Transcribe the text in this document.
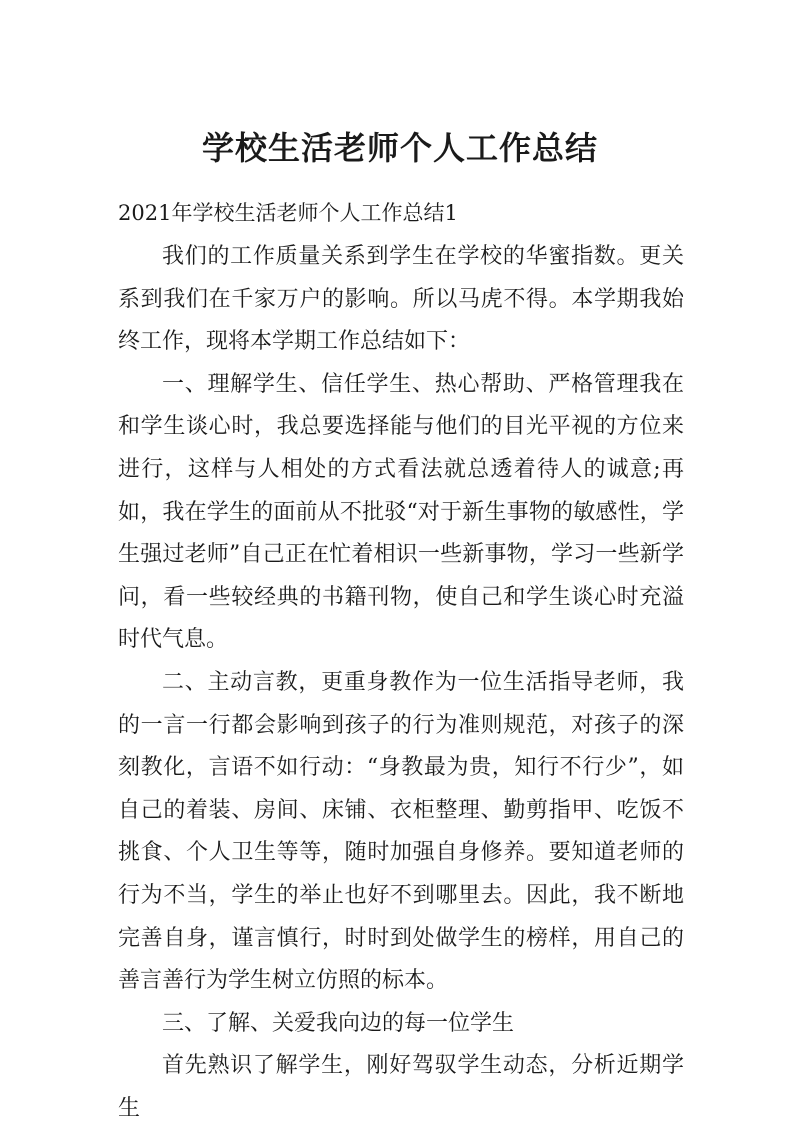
学校生活老师个人工作总结

2021年学校生活老师个人工作总结1

我们的工作质量关系到学生在学校的华蜜指数。更关系到我们在千家万户的影响。所以马虎不得。本学期我始终工作，现将本学期工作总结如下：

一、理解学生、信任学生、热心帮助、严格管理我在和学生谈心时，我总要选择能与他们的目光平视的方位来进行，这样与人相处的方式看法就总透着待人的诚意;再如，我在学生的面前从不批驳“对于新生事物的敏感性，学生强过老师”自己正在忙着相识一些新事物，学习一些新学问，看一些较经典的书籍刊物，使自己和学生谈心时充溢时代气息。

二、主动言教，更重身教作为一位生活指导老师，我的一言一行都会影响到孩子的行为准则规范，对孩子的深刻教化，言语不如行动：“身教最为贵，知行不行少”，如自己的着装、房间、床铺、衣柜整理、勤剪指甲、吃饭不挑食、个人卫生等等，随时加强自身修养。要知道老师的行为不当，学生的举止也好不到哪里去。因此，我不断地完善自身，谨言慎行，时时到处做学生的榜样，用自己的善言善行为学生树立仿照的标本。

三、了解、关爱我向边的每一位学生

首先熟识了解学生，刚好驾驭学生动态，分析近期学生
